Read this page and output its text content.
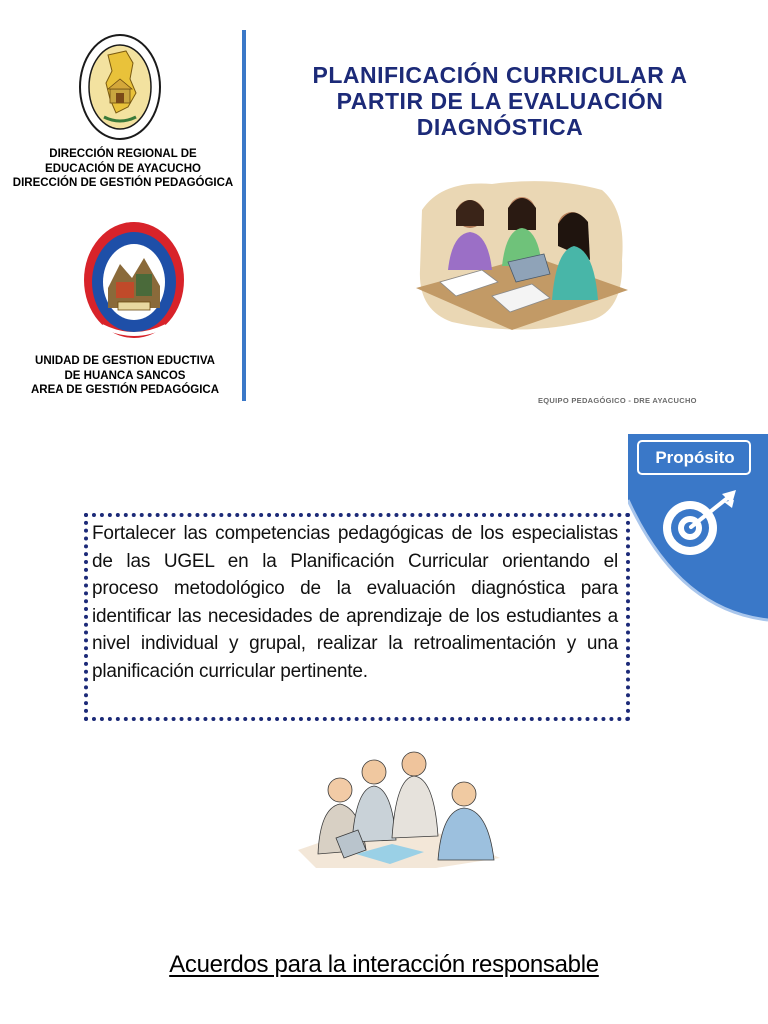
DIRECCIÓN REGIONAL DE
EDUCACIÓN DE AYACUCHO
DIRECCIÓN DE GESTIÓN PEDAGÓGICA
UNIDAD DE GESTION EDUCTIVA
DE HUANCA SANCOS
AREA DE GESTIÓN PEDAGÓGICA
PLANIFICACIÓN CURRICULAR A
PARTIR DE LA EVALUACIÓN
DIAGNÓSTICA
EQUIPO PEDAGÓGICO - DRE AYACUCHO
Propósito

Fortalecer las competencias pedagógicas de los especialistas de las UGEL en la Planificación Curricular orientando el proceso metodológico de la evaluación diagnóstica para identificar las necesidades de aprendizaje de los estudiantes a nivel individual y grupal, realizar la retroalimentación y una planificación curricular pertinente.

Acuerdos para la interacción responsable
